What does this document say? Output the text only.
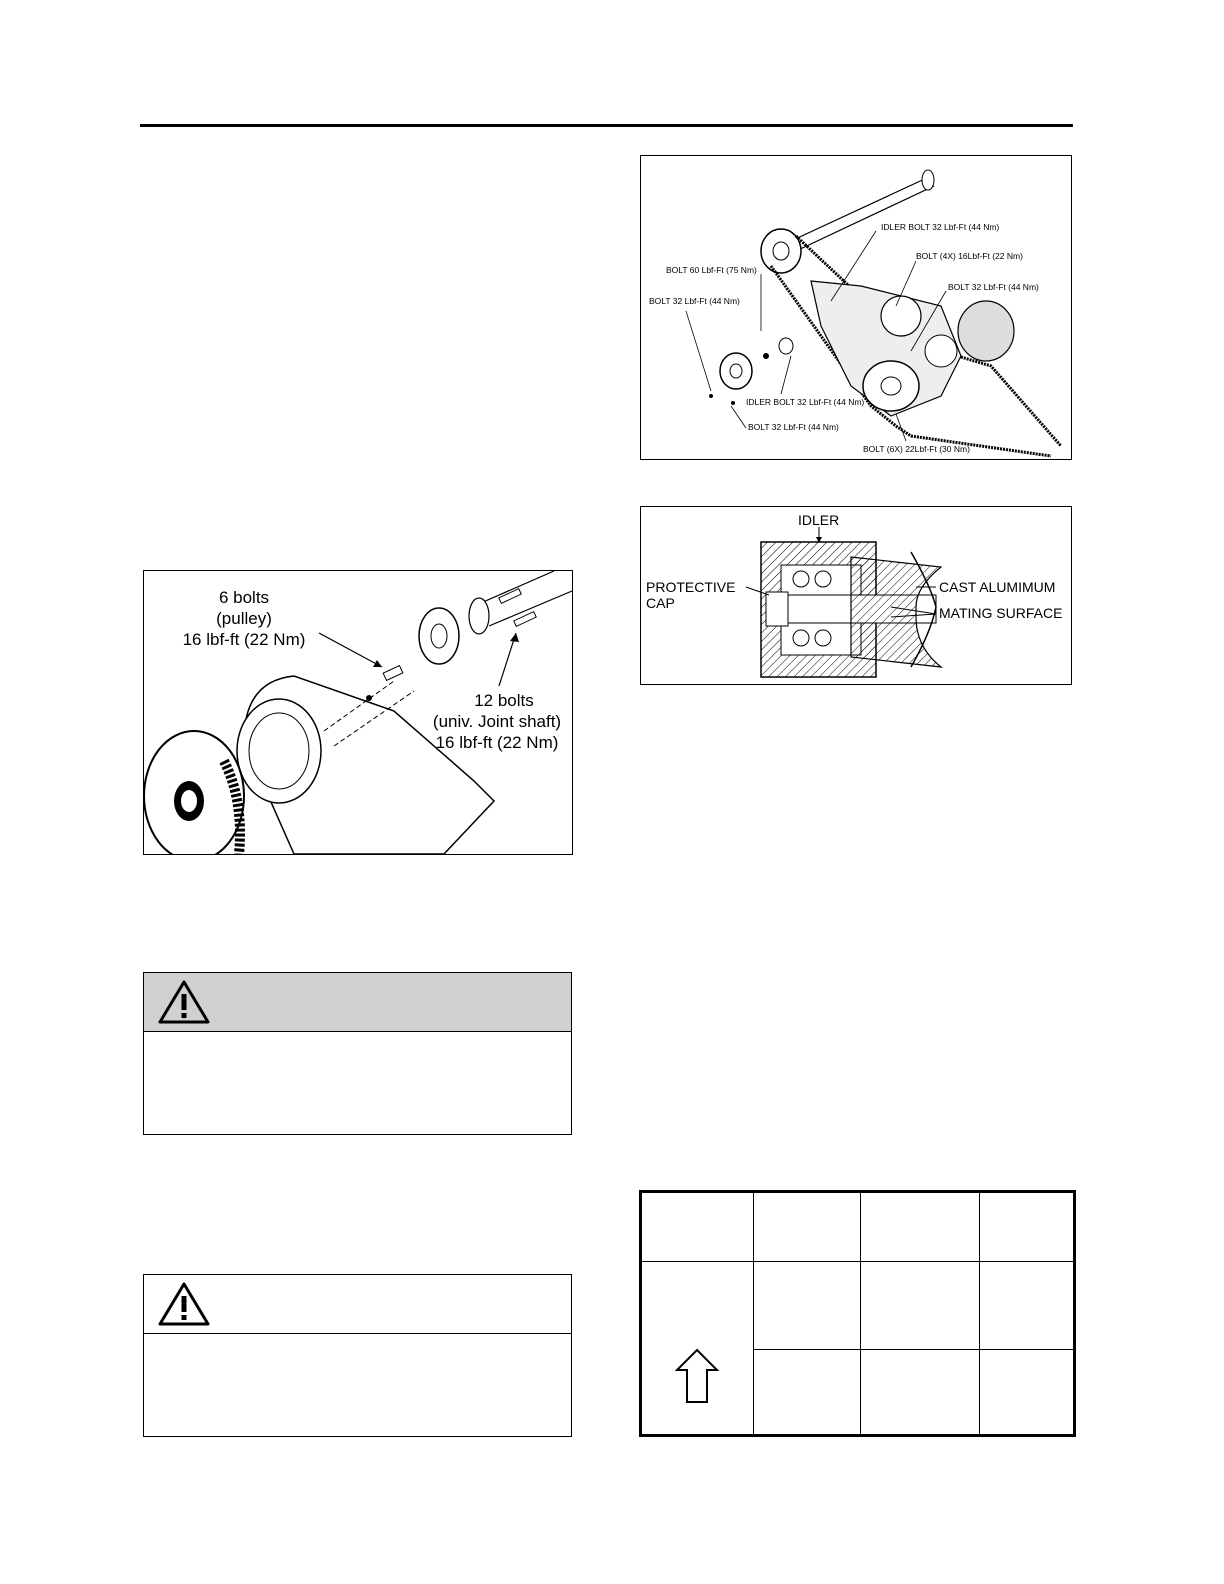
IDLER BOLT 32 Lbf-Ft (44 Nm)
BOLT (4X) 16Lbf-Ft (22 Nm)
BOLT 60 Lbf-Ft (75 Nm)
BOLT 32 Lbf-Ft (44 Nm)
BOLT 32 Lbf-Ft (44 Nm)
IDLER BOLT 32 Lbf-Ft (44 Nm)
BOLT 32 Lbf-Ft (44 Nm)
BOLT (6X) 22Lbf-Ft (30 Nm)
IDLER
PROTECTIVE
CAP
CAST ALUMIMUM
MATING SURFACE
6 bolts
(pulley)
16 lbf-ft (22 Nm)
12 bolts
(univ. Joint shaft)
16 lbf-ft (22 Nm)
